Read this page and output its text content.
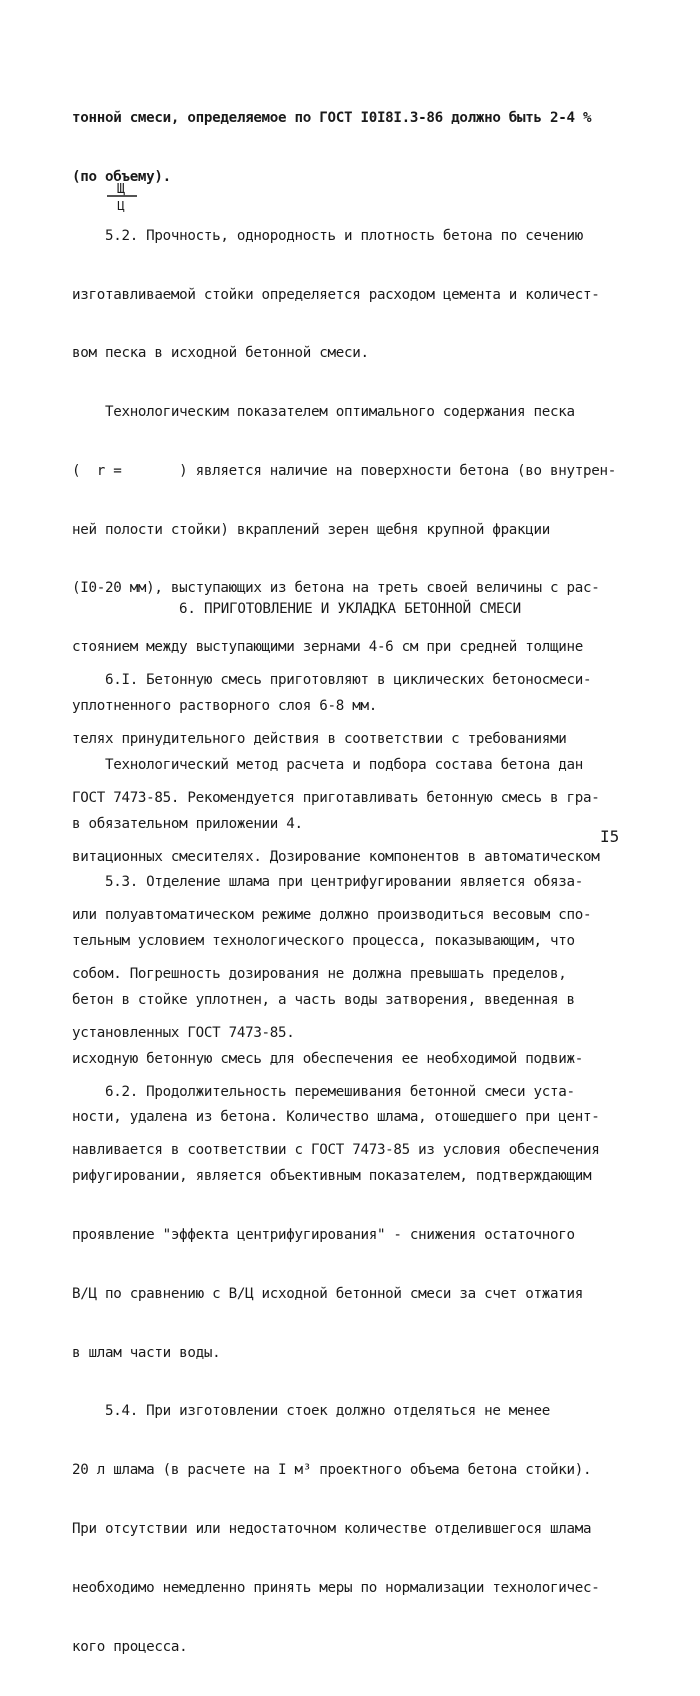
тонной смеси, определяемое по ГОСТ I0I8I.3-86 должно быть 2-4 %

(по объему).

5.2. Прочность, однородность и плотность бетона по сечению

изготавливаемой стойки определяется расходом цемента и количест-

вом песка в исходной бетонной смеси.

Технологическим показателем оптимального содержания песка

(  r =       ) является наличие на поверхности бетона (во внутрен-

ней полости стойки) вкраплений зерен щебня крупной фракции

(I0-20 мм), выступающих из бетона на треть своей величины с рас-

стоянием между выступающими зернами 4-6 см при средней толщине

уплотненного растворного слоя 6-8 мм.

Технологический метод расчета и подбора состава бетона дан

в обязательном приложении 4.

5.3. Отделение шлама при центрифугировании является обяза-

тельным условием технологического процесса, показывающим, что

бетон в стойке уплотнен, а часть воды затворения, введенная в

исходную бетонную смесь для обеспечения ее необходимой подвиж-

ности, удалена из бетона. Количество шлама, отошедшего при цент-

рифугировании, является объективным показателем, подтверждающим

проявление "эффекта центрифугирования" - снижения остаточного

В/Ц по сравнению с В/Ц исходной бетонной смеси за счет отжатия

в шлам части воды.

5.4. При изготовлении стоек должно отделяться не менее

20 л шлама (в расчете на I м³ проектного объема бетона стойки).

При отсутствии или недостаточном количестве отделившегося шлама

необходимо немедленно принять меры по нормализации технологичес-

кого процесса.

Щ
Ц
6. ПРИГОТОВЛЕНИЕ И УКЛАДКА БЕТОННОЙ СМЕСИ

6.I. Бетонную смесь приготовляют в циклических бетоносмеси-

телях принудительного действия в соответствии с требованиями

ГОСТ 7473-85. Рекомендуется приготавливать бетонную смесь в гра-

витационных смесителях. Дозирование компонентов в автоматическом

или полуавтоматическом режиме должно производиться весовым спо-

собом. Погрешность дозирования не должна превышать пределов,

установленных ГОСТ 7473-85.

6.2. Продолжительность перемешивания бетонной смеси уста-

навливается в соответствии с ГОСТ 7473-85 из условия обеспечения

I5
